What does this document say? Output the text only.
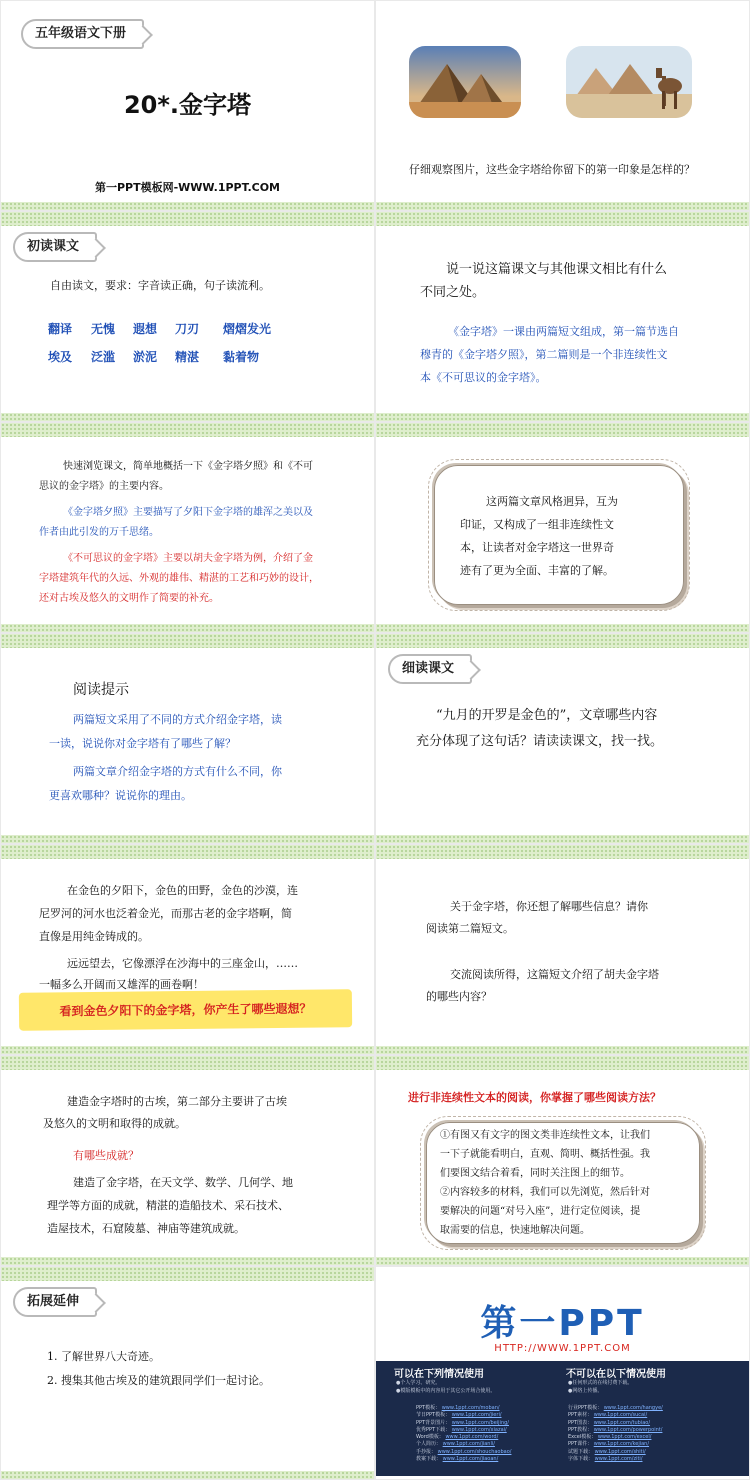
五年级语文下册
20*.金字塔
第一PPT模板网-WWW.1PPT.COM
仔细观察图片，这些金字塔给你留下的第一印象是怎样的？
初读课文
自由读文，要求：字音读正确，句子读流利。
翻译 无愧 遐想 刀刃 熠熠发光
埃及 泛滥 淤泥 精湛 黏着物
说一说这篇课文与其他课文相比有什么
不同之处。
《金字塔》一课由两篇短文组成，第一篇节选自
穆青的《金字塔夕照》，第二篇则是一个非连续性文
本《不可思议的金字塔》。
快速浏览课文，简单地概括一下《金字塔夕照》和《不可
思议的金字塔》的主要内容。
《金字塔夕照》主要描写了夕阳下金字塔的雄浑之美以及
作者由此引发的万千思绪。
《不可思议的金字塔》主要以胡夫金字塔为例，介绍了金
字塔建筑年代的久远、外观的雄伟、精湛的工艺和巧妙的设计，
还对古埃及悠久的文明作了简要的补充。
这两篇文章风格迥异，互为
印证，又构成了一组非连续性文
本，让读者对金字塔这一世界奇
迹有了更为全面、丰富的了解。
阅读提示
两篇短文采用了不同的方式介绍金字塔，读
一读，说说你对金字塔有了哪些了解？
两篇文章介绍金字塔的方式有什么不同，你
更喜欢哪种？说说你的理由。
细读课文
“九月的开罗是金色的”，文章哪些内容
充分体现了这句话？请读读课文，找一找。
在金色的夕阳下，金色的田野，金色的沙漠，连
尼罗河的河水也泛着金光，而那古老的金字塔啊，简
直像是用纯金铸成的。
远远望去，它像漂浮在沙海中的三座金山，……
一幅多么开阔而又雄浑的画卷啊！
看到金色夕阳下的金字塔，你产生了哪些遐想？
关于金字塔，你还想了解哪些信息？请你
阅读第二篇短文。
交流阅读所得，这篇短文介绍了胡夫金字塔
的哪些内容？
建造金字塔时的古埃，第二部分主要讲了古埃
及悠久的文明和取得的成就。
有哪些成就？
建造了金字塔，在天文学、数学、几何学、地
理学等方面的成就，精湛的造船技术、采石技术、
造屋技术，石窟陵墓、神庙等建筑成就。
进行非连续性文本的阅读，你掌握了哪些阅读方法？
①有图又有文字的图文类非连续性文本，让我们
一下子就能看明白，直观、简明、概括性强。我
们要图文结合着看，同时关注图上的细节。
②内容较多的材料，我们可以先浏览，然后针对
要解决的问题“对号入座”，进行定位阅读，提
取需要的信息，快速地解决问题。
拓展延伸
1. 了解世界八大奇迹。
2. 搜集其他古埃及的建筑跟同学们一起讨论。
第一PPT
HTTP://WWW.1PPT.COM
可以在下列情况使用
●个人学习、研究。
●模版模板中的内容用于其它公开场合使用。
不可以在以下情况使用
●任何形式的在线付费下载。
●网络上传播。
PPT模板： www.1ppt.com/moban/
节日PPT模板： www.1ppt.com/jieri/
PPT背景图片： www.1ppt.com/beijing/
优秀PPT下载： www.1ppt.com/xiazai/
Word模板： www.1ppt.com/word/
个人简历： www.1ppt.com/jianli/
手抄报： www.1ppt.com/shouchaobao/
教案下载： www.1ppt.com/jiaoan/
行业PPT模板： www.1ppt.com/hangye/
PPT素材： www.1ppt.com/sucai/
PPT图表： www.1ppt.com/tubiao/
PPT教程： www.1ppt.com/powerpoint/
Excel模板： www.1ppt.com/excel/
PPT课件： www.1ppt.com/kejian/
试题下载： www.1ppt.com/shiti/
字体下载： www.1ppt.com/ziti/
